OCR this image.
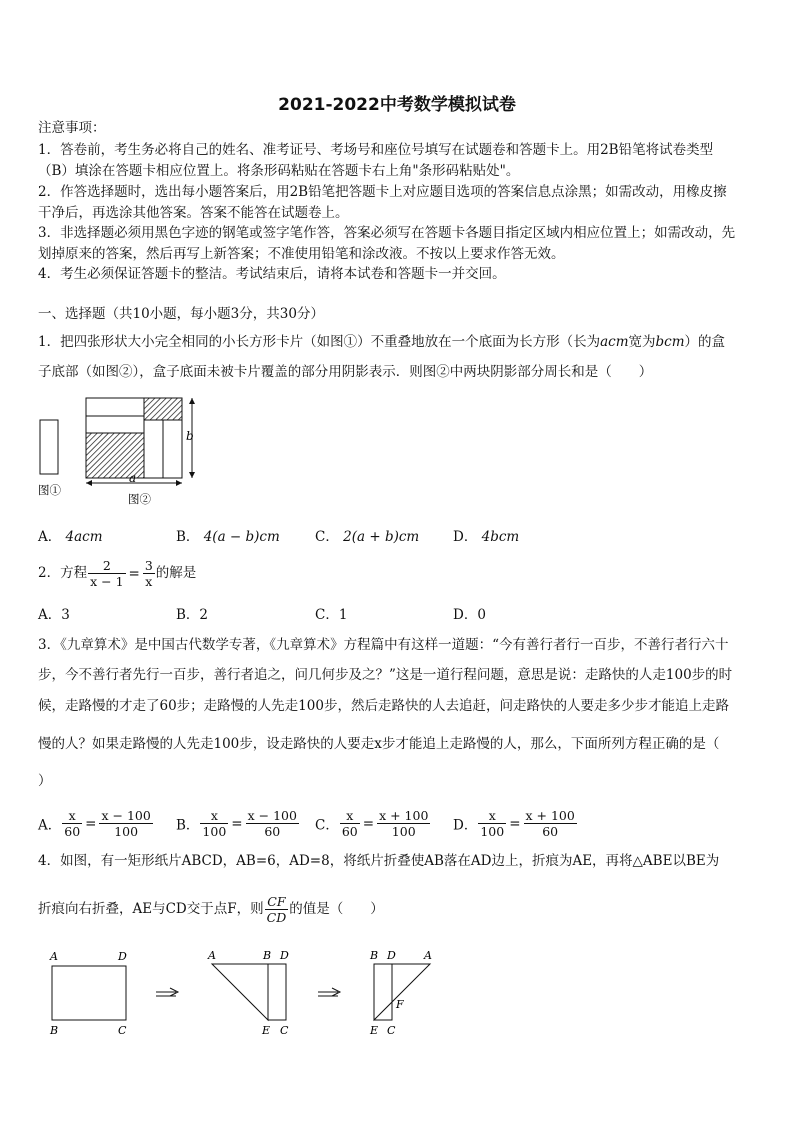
2021-2022中考数学模拟试卷
注意事项：
1．答卷前，考生务必将自己的姓名、准考证号、考场号和座位号填写在试题卷和答题卡上。用2B铅笔将试卷类型
（B）填涂在答题卡相应位置上。将条形码粘贴在答题卡右上角"条形码粘贴处"。
2．作答选择题时，选出每小题答案后，用2B铅笔把答题卡上对应题目选项的答案信息点涂黑；如需改动，用橡皮擦
干净后，再选涂其他答案。答案不能答在试题卷上。
3．非选择题必须用黑色字迹的钢笔或签字笔作答，答案必须写在答题卡各题目指定区域内相应位置上；如需改动，先
划掉原来的答案，然后再写上新答案；不准使用铅笔和涂改液。不按以上要求作答无效。
4．考生必须保证答题卡的整洁。考试结束后，请将本试卷和答题卡一并交回。
一、选择题（共10小题，每小题3分，共30分）
1．把四张形状大小完全相同的小长方形卡片（如图①）不重叠地放在一个底面为长方形（长为acm宽为bcm）的盒
子底部（如图②），盒子底面未被卡片覆盖的部分用阴影表示．则图②中两块阴影部分周长和是（　　）
b
a
图①
图②
A． 4acm	B． 4(a − b)cm	C． 2(a + b)cm	D． 4bcm
2．方程 $\frac{2}{x - 1} = \frac{3}{x}$ 的解是
A．3	B．2	C．1	D．0
3．《九章算术》是中国古代数学专著，《九章算术》方程篇中有这样一道题：“今有善行者行一百步，不善行者行六十
步，今不善行者先行一百步，善行者追之，问几何步及之？”这是一道行程问题，意思是说：走路快的人走100步的时
候，走路慢的才走了60步；走路慢的人先走100步，然后走路快的人去追赶，问走路快的人要走多少步才能追上走路
慢的人？如果走路慢的人先走100步，设走路快的人要走x步才能追上走路慢的人，那么，下面所列方程正确的是（
）
A． $\frac{x}{60} = \frac{x - 100}{100}$ B． $\frac{x}{100} = \frac{x - 100}{60}$ C． $\frac{x}{60} = \frac{x + 100}{100}$ D． $\frac{x}{100} = \frac{x + 100}{60}$
4．如图，有一矩形纸片ABCD，AB=6，AD=8，将纸片折叠使AB落在AD边上，折痕为AE，再将△ABE以BE为
折痕向右折叠，AE与CD交于点F，则 $\frac{CF}{CD}$ 的值是（　　）
A	D
B	C
A	B D
E C
B D	A
F
E C
